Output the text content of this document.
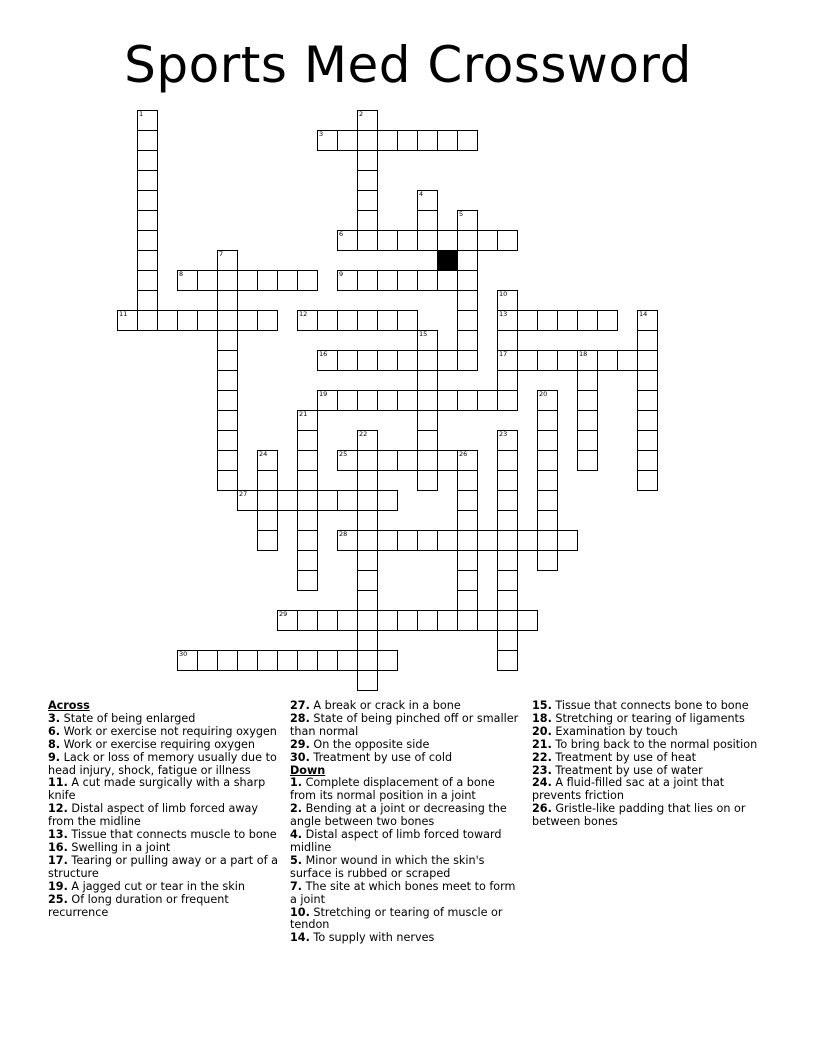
Sports Med Crossword
1	2
3
4
5
6
7
8	9
10
13
17
11	12	14
15
16	18
19	20
21
22	23
24	25	26
27
28
29
30
Across
3. State of being enlarged
6. Work or exercise not requiring oxygen
8. Work or exercise requiring oxygen
9. Lack or loss of memory usually due to head injury, shock, fatigue or illness
11. A cut made surgically with a sharp knife
12. Distal aspect of limb forced away from the midline
13. Tissue that connects muscle to bone
16. Swelling in a joint
17. Tearing or pulling away or a part of a structure
19. A jagged cut or tear in the skin
25. Of long duration or frequent recurrence
27. A break or crack in a bone
28. State of being pinched off or smaller than normal
29. On the opposite side
30. Treatment by use of cold
Down
1. Complete displacement of a bone from its normal position in a joint
2. Bending at a joint or decreasing the angle between two bones
4. Distal aspect of limb forced toward midline
5. Minor wound in which the skin's surface is rubbed or scraped
7. The site at which bones meet to form a joint
10. Stretching or tearing of muscle or tendon
14. To supply with nerves
15. Tissue that connects bone to bone
18. Stretching or tearing of ligaments
20. Examination by touch
21. To bring back to the normal position
22. Treatment by use of heat
23. Treatment by use of water
24. A fluid-filled sac at a joint that prevents friction
26. Gristle-like padding that lies on or between bones
